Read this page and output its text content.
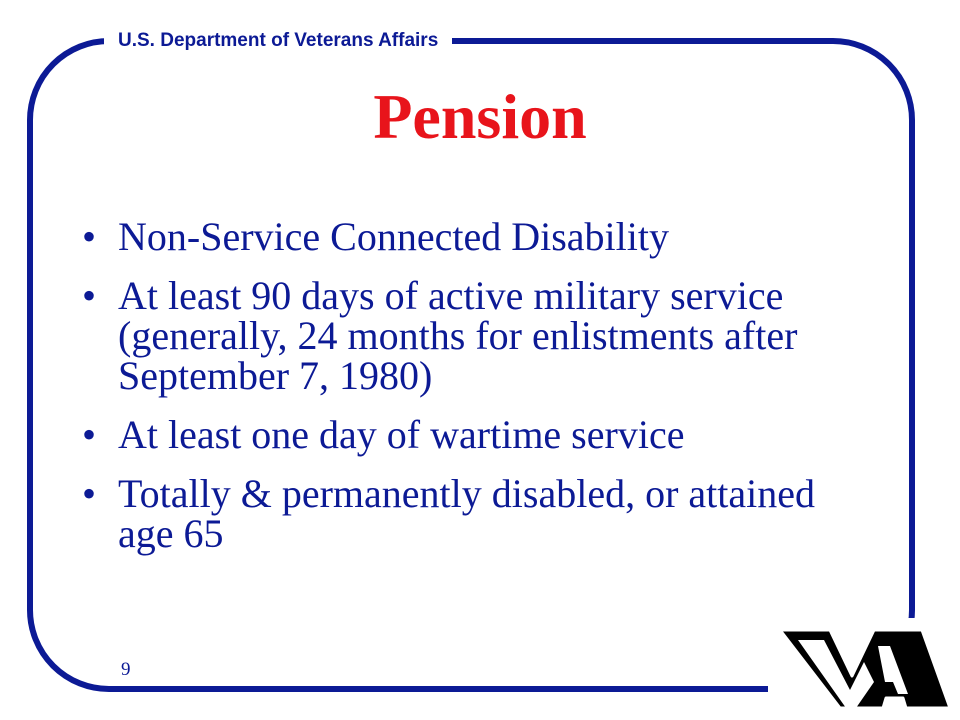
U.S. Department of Veterans Affairs
Pension
• Non-Service Connected Disability
• At least 90 days of active military service (generally, 24 months for enlistments after September 7, 1980)
• At least one day of wartime service
• Totally & permanently disabled, or attained age 65
9
